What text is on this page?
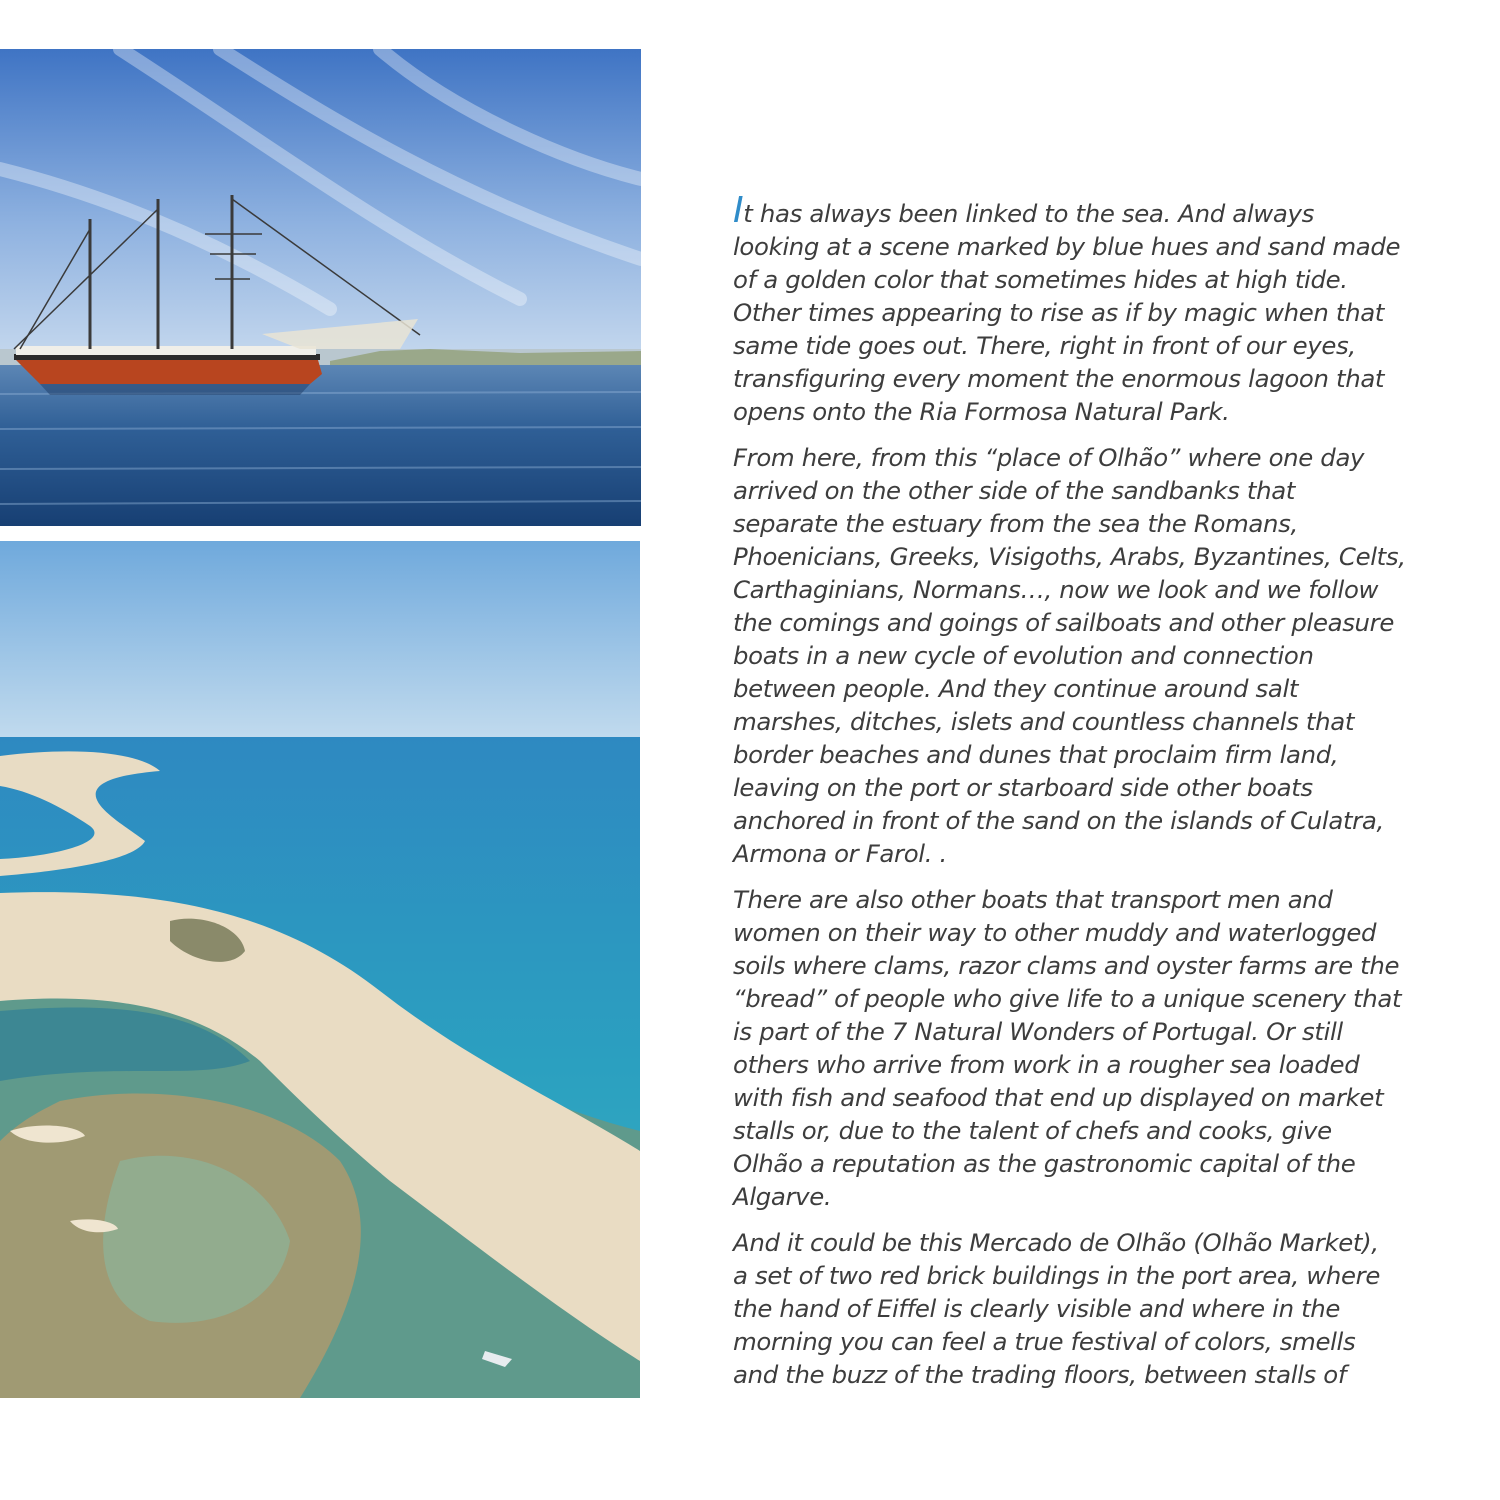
It has always been linked to the sea. And always
looking at a scene marked by blue hues and sand made
of a golden color that sometimes hides at high tide.
Other times appearing to rise as if by magic when that
same tide goes out. There, right in front of our eyes,
transfiguring every moment the enormous lagoon that
opens onto the Ria Formosa Natural Park.

From here, from this “place of Olhão” where one day
arrived on the other side of the sandbanks that
separate the estuary from the sea the Romans,
Phoenicians, Greeks, Visigoths, Arabs, Byzantines, Celts,
Carthaginians, Normans…, now we look and we follow
the comings and goings of sailboats and other pleasure
boats in a new cycle of evolution and connection
between people. And they continue around salt
marshes, ditches, islets and countless channels that
border beaches and dunes that proclaim firm land,
leaving on the port or starboard side other boats
anchored in front of the sand on the islands of Culatra,
Armona or Farol. .

There are also other boats that transport men and
women on their way to other muddy and waterlogged
soils where clams, razor clams and oyster farms are the
“bread” of people who give life to a unique scenery that
is part of the 7 Natural Wonders of Portugal. Or still
others who arrive from work in a rougher sea loaded
with fish and seafood that end up displayed on market
stalls or, due to the talent of chefs and cooks, give
Olhão a reputation as the gastronomic capital of the
Algarve.

And it could be this Mercado de Olhão (Olhão Market),
a set of two red brick buildings in the port area, where
the hand of Eiffel is clearly visible and where in the
morning you can feel a true festival of colors, smells
and the buzz of the trading floors, between stalls of
